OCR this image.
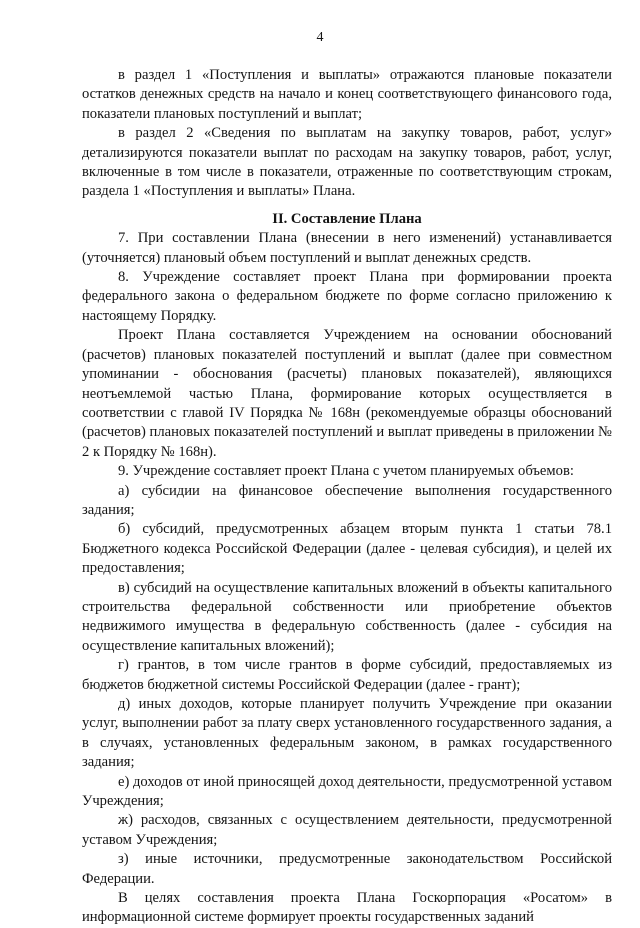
4

в раздел 1 «Поступления и выплаты» отражаются плановые показатели остатков денежных средств на начало и конец соответствующего финансового года, показатели плановых поступлений и выплат;

в раздел 2 «Сведения по выплатам на закупку товаров, работ, услуг» детализируются показатели выплат по расходам на закупку товаров, работ, услуг, включенные в том числе в показатели, отраженные по соответствующим строкам, раздела 1 «Поступления и выплаты» Плана.

II. Составление Плана

7. При составлении Плана (внесении в него изменений) устанавливается (уточняется) плановый объем поступлений и выплат денежных средств.

8. Учреждение составляет проект Плана при формировании проекта федерального закона о федеральном бюджете по форме согласно приложению к настоящему Порядку.

Проект Плана составляется Учреждением на основании обоснований (расчетов) плановых показателей поступлений и выплат (далее при совместном упоминании - обоснования (расчеты) плановых показателей), являющихся неотъемлемой частью Плана, формирование которых осуществляется в соответствии с главой IV Порядка № 168н (рекомендуемые образцы обоснований (расчетов) плановых показателей поступлений и выплат приведены в приложении № 2 к Порядку № 168н).

9. Учреждение составляет проект Плана с учетом планируемых объемов:

а) субсидии на финансовое обеспечение выполнения государственного задания;

б) субсидий, предусмотренных абзацем вторым пункта 1 статьи 78.1 Бюджетного кодекса Российской Федерации (далее - целевая субсидия), и целей их предоставления;

в) субсидий на осуществление капитальных вложений в объекты капитального строительства федеральной собственности или приобретение объектов недвижимого имущества в федеральную собственность (далее - субсидия на осуществление капитальных вложений);

г) грантов, в том числе грантов в форме субсидий, предоставляемых из бюджетов бюджетной системы Российской Федерации (далее - грант);

д) иных доходов, которые планирует получить Учреждение при оказании услуг, выполнении работ за плату сверх установленного государственного задания, а в случаях, установленных федеральным законом, в рамках государственного задания;

е) доходов от иной приносящей доход деятельности, предусмотренной уставом Учреждения;

ж) расходов, связанных с осуществлением деятельности, предусмотренной уставом Учреждения;

з) иные источники, предусмотренные законодательством Российской Федерации.

В целях составления проекта Плана Госкорпорация «Росатом» в информационной системе формирует проекты государственных заданий
